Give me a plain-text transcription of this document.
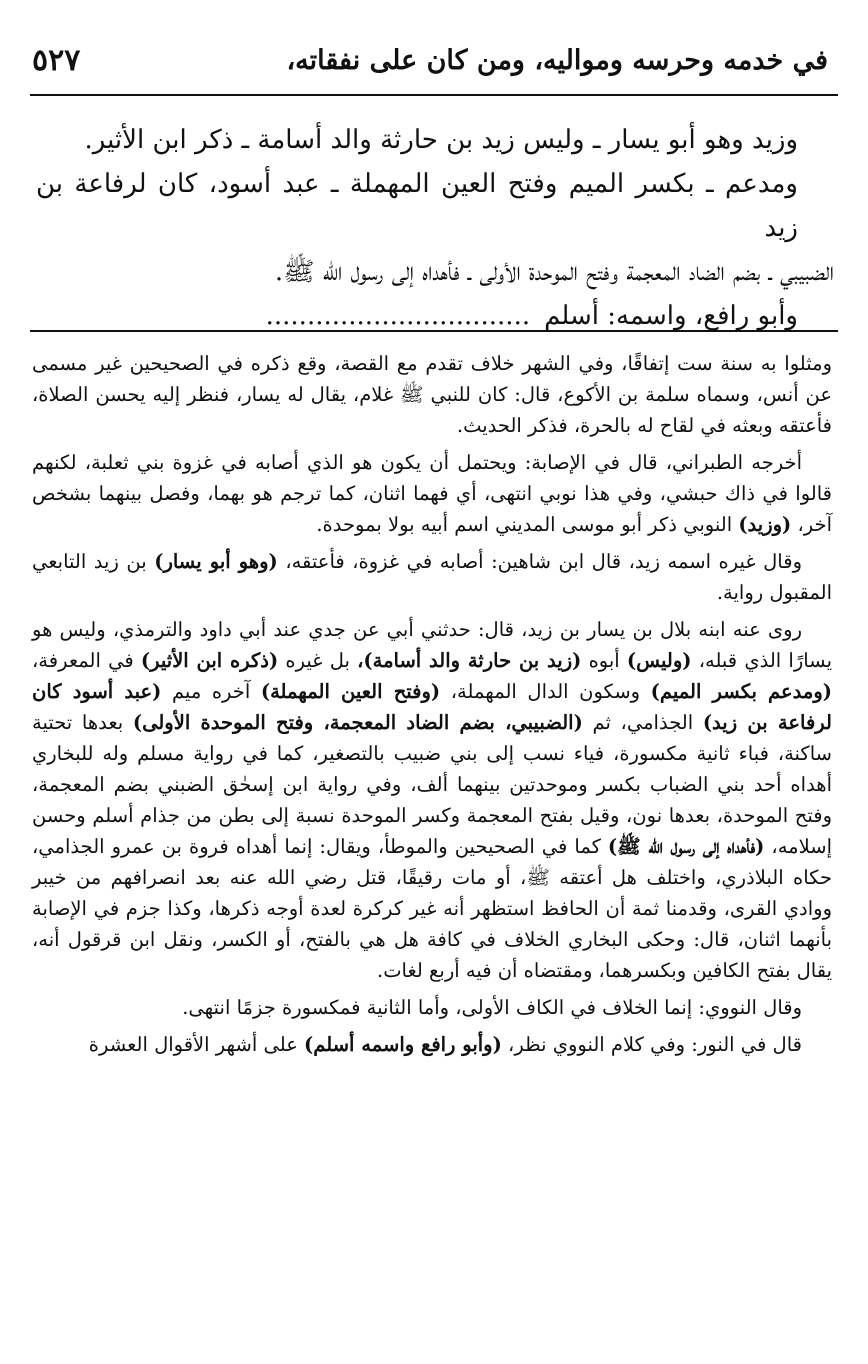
٥٢٧	في خدمه وحرسه ومواليه، ومن كان على نفقاته،

وزيد وهو أبو يسار ـ وليس زيد بن حارثة والد أسامة ـ ذكر ابن الأثير.

ومدعم ـ بكسر الميم وفتح العين المهملة ـ عبد أسود، كان لرفاعة بن زيد

الضبيبي ـ بضم الضاد المعجمة وفتح الموحدة الأولى ـ فأهداه إلى رسول الله ﷺ.

وأبو رافع، واسمه: أسلم................................

ومثلوا به سنة ست إتفاقًا، وفي الشهر خلاف تقدم مع القصة، وقع ذكره في الصحيحين غير مسمى عن أنس، وسماه سلمة بن الأكوع، قال: كان للنبي ﷺ غلام، يقال له يسار، فنظر إليه يحسن الصلاة، فأعتقه وبعثه في لقاح له بالحرة، فذكر الحديث.

أخرجه الطبراني، قال في الإصابة: ويحتمل أن يكون هو الذي أصابه في غزوة بني ثعلبة، لكنهم قالوا في ذاك حبشي، وفي هذا نوبي انتهى، أي فهما اثنان، كما ترجم هو بهما، وفصل بينهما بشخص آخر، (وزيد) النوبي ذكر أبو موسى المديني اسم أبيه بولا بموحدة.

وقال غيره اسمه زيد، قال ابن شاهين: أصابه في غزوة، فأعتقه، (وهو أبو يسار) بن زيد التابعي المقبول رواية.

روى عنه ابنه بلال بن يسار بن زيد، قال: حدثني أبي عن جدي عند أبي داود والترمذي، وليس هو يسارًا الذي قبله، (وليس) أبوه (زيد بن حارثة والد أسامة)، بل غيره (ذكره ابن الأثير) في المعرفة، (ومدعم بكسر الميم) وسكون الدال المهملة، (وفتح العين المهملة) آخره ميم (عبد أسود كان لرفاعة بن زيد) الجذامي، ثم (الضبيبي، بضم الضاد المعجمة، وفتح الموحدة الأولى) بعدها تحتية ساكنة، فباء ثانية مكسورة، فياء نسب إلى بني ضبيب بالتصغير، كما في رواية مسلم وله للبخاري أهداه أحد بني الضباب بكسر وموحدتين بينهما ألف، وفي رواية ابن إسحٰق الضبني بضم المعجمة، وفتح الموحدة، بعدها نون، وقيل بفتح المعجمة وكسر الموحدة نسبة إلى بطن من جذام أسلم وحسن إسلامه، (فأهداه إلى رسول الله ﷺ) كما في الصحيحين والموطأ، ويقال: إنما أهداه فروة بن عمرو الجذامي، حكاه البلاذري، واختلف هل أعتقه ﷺ، أو مات رقيقًا، قتل رضي الله عنه بعد انصرافهم من خيبر ووادي القرى، وقدمنا ثمة أن الحافظ استظهر أنه غير كركرة لعدة أوجه ذكرها، وكذا جزم في الإصابة بأنهما اثنان، قال: وحكى البخاري الخلاف في كافة هل هي بالفتح، أو الكسر، ونقل ابن قرقول أنه، يقال بفتح الكافين وبكسرهما، ومقتضاه أن فيه أربع لغات.

وقال النووي: إنما الخلاف في الكاف الأولى، وأما الثانية فمكسورة جزمًا انتهى.

قال في النور: وفي كلام النووي نظر، (وأبو رافع واسمه أسلم) على أشهر الأقوال العشرة
